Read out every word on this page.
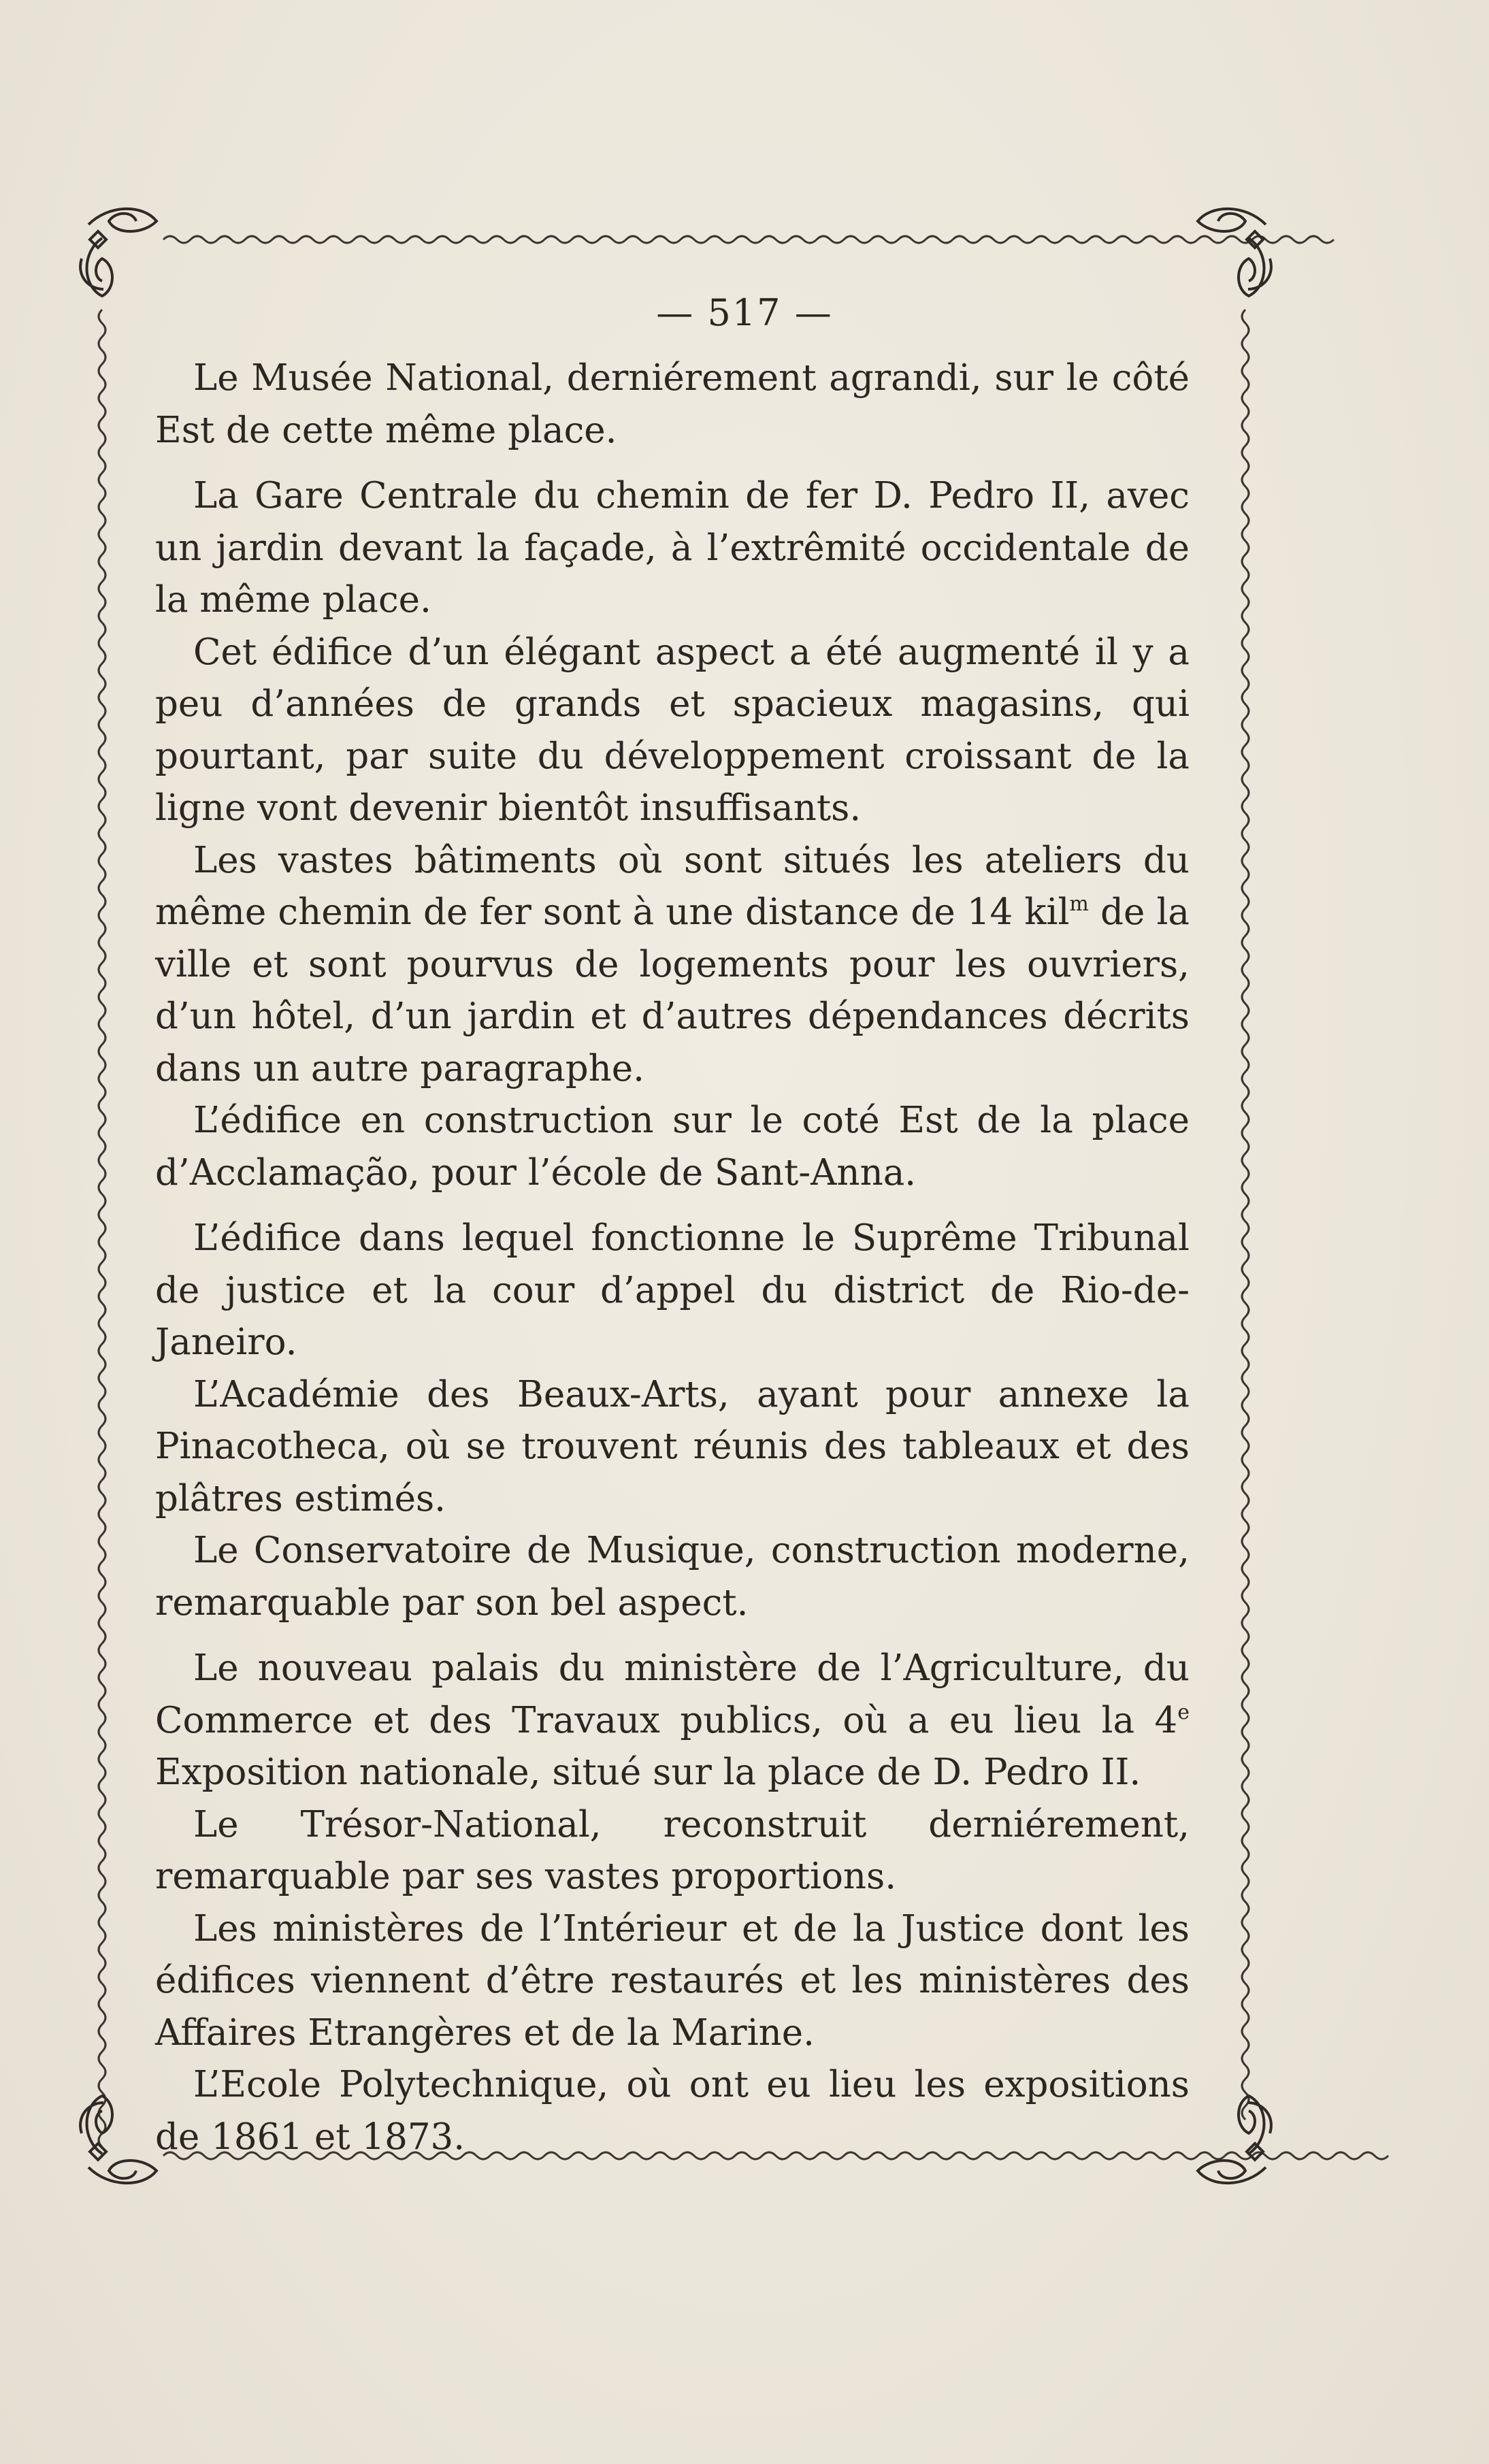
— 517 —

Le Musée National, derniérement agrandi, sur le côté Est de cette même place.

La Gare Centrale du chemin de fer D. Pedro II, avec un jardin devant la façade, à l’extrêmité occidentale de la même place.

Cet édifice d’un élégant aspect a été augmenté il y a peu d’années de grands et spacieux magasins, qui pourtant, par suite du développement croissant de la ligne vont devenir bientôt insuffisants.

Les vastes bâtiments où sont situés les ateliers du même chemin de fer sont à une distance de 14 kil$^m$ de la ville et sont pourvus de logements pour les ouvriers, d’un hôtel, d’un jardin et d’autres dépendances décrits dans un autre paragraphe.

L’édifice en construction sur le coté Est de la place d’Acclamação, pour l’école de Sant-Anna.

L’édifice dans lequel fonctionne le Suprême Tribunal de justice et la cour d’appel du district de Rio-de-Janeiro.

L’Académie des Beaux-Arts, ayant pour annexe la Pinacotheca, où se trouvent réunis des tableaux et des plâtres estimés.

Le Conservatoire de Musique, construction moderne, remarquable par son bel aspect.

Le nouveau palais du ministère de l’Agriculture, du Commerce et des Travaux publics, où a eu lieu la 4e Exposition nationale, situé sur la place de D. Pedro II.

Le Trésor-National, reconstruit derniérement, remarquable par ses vastes proportions.

Les ministères de l’Intérieur et de la Justice dont les édifices viennent d’être restaurés et les ministères des Affaires Etrangères et de la Marine.

L’Ecole Polytechnique, où ont eu lieu les expositions de 1861 et 1873.
